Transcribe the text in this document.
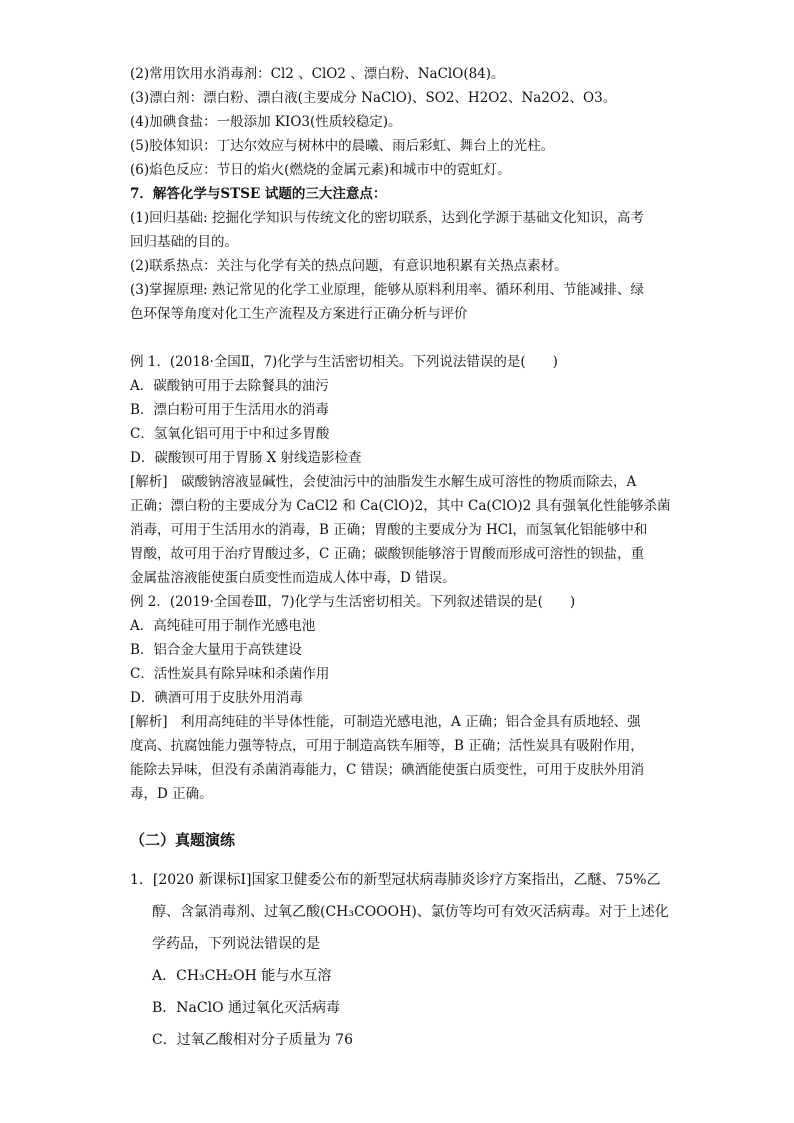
(2)常用饮用水消毒剂：Cl2 、ClO2 、漂白粉、NaClO(84)。
(3)漂白剂：漂白粉、漂白液(主要成分 NaClO)、SO2、H2O2、Na2O2、O3。
(4)加碘食盐：一般添加 KIO3(性质较稳定)。
(5)胶体知识：丁达尔效应与树林中的晨曦、雨后彩虹、舞台上的光柱。
(6)焰色反应：节日的焰火(燃烧的金属元素)和城市中的霓虹灯。
7．解答化学与STSE 试题的三大注意点：
(1)回归基础: 挖掘化学知识与传统文化的密切联系，达到化学源于基础文化知识，高考
回归基础的目的。
(2)联系热点：关注与化学有关的热点问题，有意识地积累有关热点素材。
(3)掌握原理: 熟记常见的化学工业原理，能够从原料利用率、循环利用、节能减排、绿
色环保等角度对化工生产流程及方案进行正确分析与评价
例 1．(2018·全国Ⅱ，7)化学与生活密切相关。下列说法错误的是(　　)
A．碳酸钠可用于去除餐具的油污
B．漂白粉可用于生活用水的消毒
C．氢氧化铝可用于中和过多胃酸
D．碳酸钡可用于胃肠 X 射线造影检查
[解析]　碳酸钠溶液显碱性，会使油污中的油脂发生水解生成可溶性的物质而除去，A
正确；漂白粉的主要成分为 CaCl2 和 Ca(ClO)2，其中 Ca(ClO)2 具有强氧化性能够杀菌
消毒，可用于生活用水的消毒，B 正确；胃酸的主要成分为 HCl，而氢氧化铝能够中和
胃酸，故可用于治疗胃酸过多，C 正确；碳酸钡能够溶于胃酸而形成可溶性的钡盐，重
金属盐溶液能使蛋白质变性而造成人体中毒，D 错误。
例 2．(2019·全国卷Ⅲ，7)化学与生活密切相关。下列叙述错误的是(　　)
A．高纯硅可用于制作光感电池
B．铝合金大量用于高铁建设
C．活性炭具有除异味和杀菌作用
D．碘酒可用于皮肤外用消毒
[解析]　利用高纯硅的半导体性能，可制造光感电池，A 正确；铝合金具有质地轻、强
度高、抗腐蚀能力强等特点，可用于制造高铁车厢等，B 正确；活性炭具有吸附作用，
能除去异味，但没有杀菌消毒能力，C 错误；碘酒能使蛋白质变性，可用于皮肤外用消
毒，D 正确。
（二）真题演练
1．[2020 新课标Ⅰ]国家卫健委公布的新型冠状病毒肺炎诊疗方案指出，乙醚、75%乙
醇、含氯消毒剂、过氧乙酸(CH₃COOOH)、氯仿等均可有效灭活病毒。对于上述化
学药品，下列说法错误的是
A．CH₃CH₂OH 能与水互溶
B．NaClO 通过氧化灭活病毒
C．过氧乙酸相对分子质量为 76
